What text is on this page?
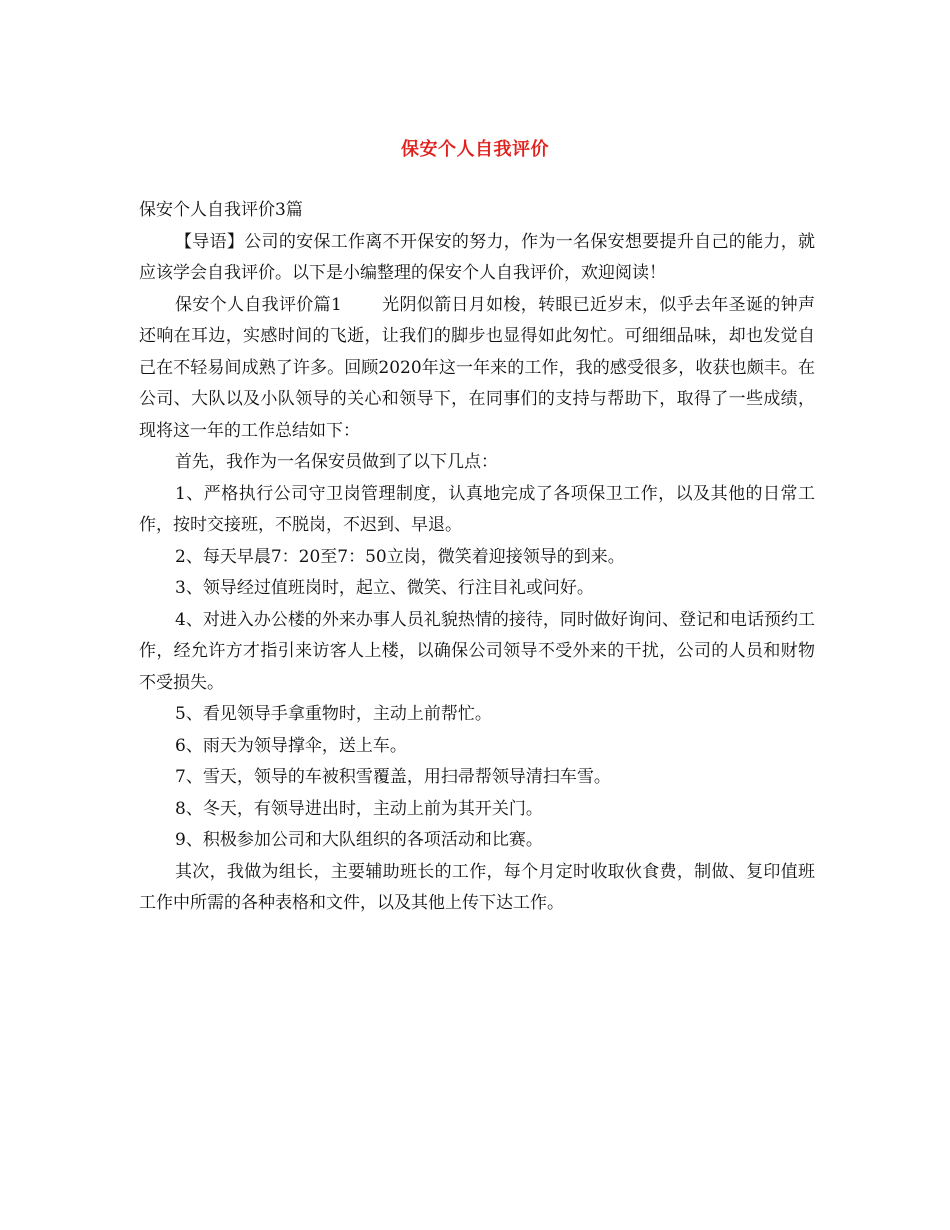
保安个人自我评价

保安个人自我评价3篇

【导语】公司的安保工作离不开保安的努力，作为一名保安想要提升自己的能力，就应该学会自我评价。以下是小编整理的保安个人自我评价，欢迎阅读！

保安个人自我评价篇1 光阴似箭日月如梭，转眼已近岁末，似乎去年圣诞的钟声还响在耳边，实感时间的飞逝，让我们的脚步也显得如此匆忙。可细细品味，却也发觉自己在不轻易间成熟了许多。回顾2020年这一年来的工作，我的感受很多，收获也颇丰。在公司、大队以及小队领导的关心和领导下，在同事们的支持与帮助下，取得了一些成绩，现将这一年的工作总结如下：

首先，我作为一名保安员做到了以下几点：

1、严格执行公司守卫岗管理制度，认真地完成了各项保卫工作，以及其他的日常工作，按时交接班，不脱岗，不迟到、早退。

2、每天早晨7：20至7：50立岗，微笑着迎接领导的到来。

3、领导经过值班岗时，起立、微笑、行注目礼或问好。

4、对进入办公楼的外来办事人员礼貌热情的接待，同时做好询问、登记和电话预约工作，经允许方才指引来访客人上楼，以确保公司领导不受外来的干扰，公司的人员和财物不受损失。

5、看见领导手拿重物时，主动上前帮忙。

6、雨天为领导撑伞，送上车。

7、雪天，领导的车被积雪覆盖，用扫帚帮领导清扫车雪。

8、冬天，有领导进出时，主动上前为其开关门。

9、积极参加公司和大队组织的各项活动和比赛。

其次，我做为组长，主要辅助班长的工作，每个月定时收取伙食费，制做、复印值班工作中所需的各种表格和文件，以及其他上传下达工作。
